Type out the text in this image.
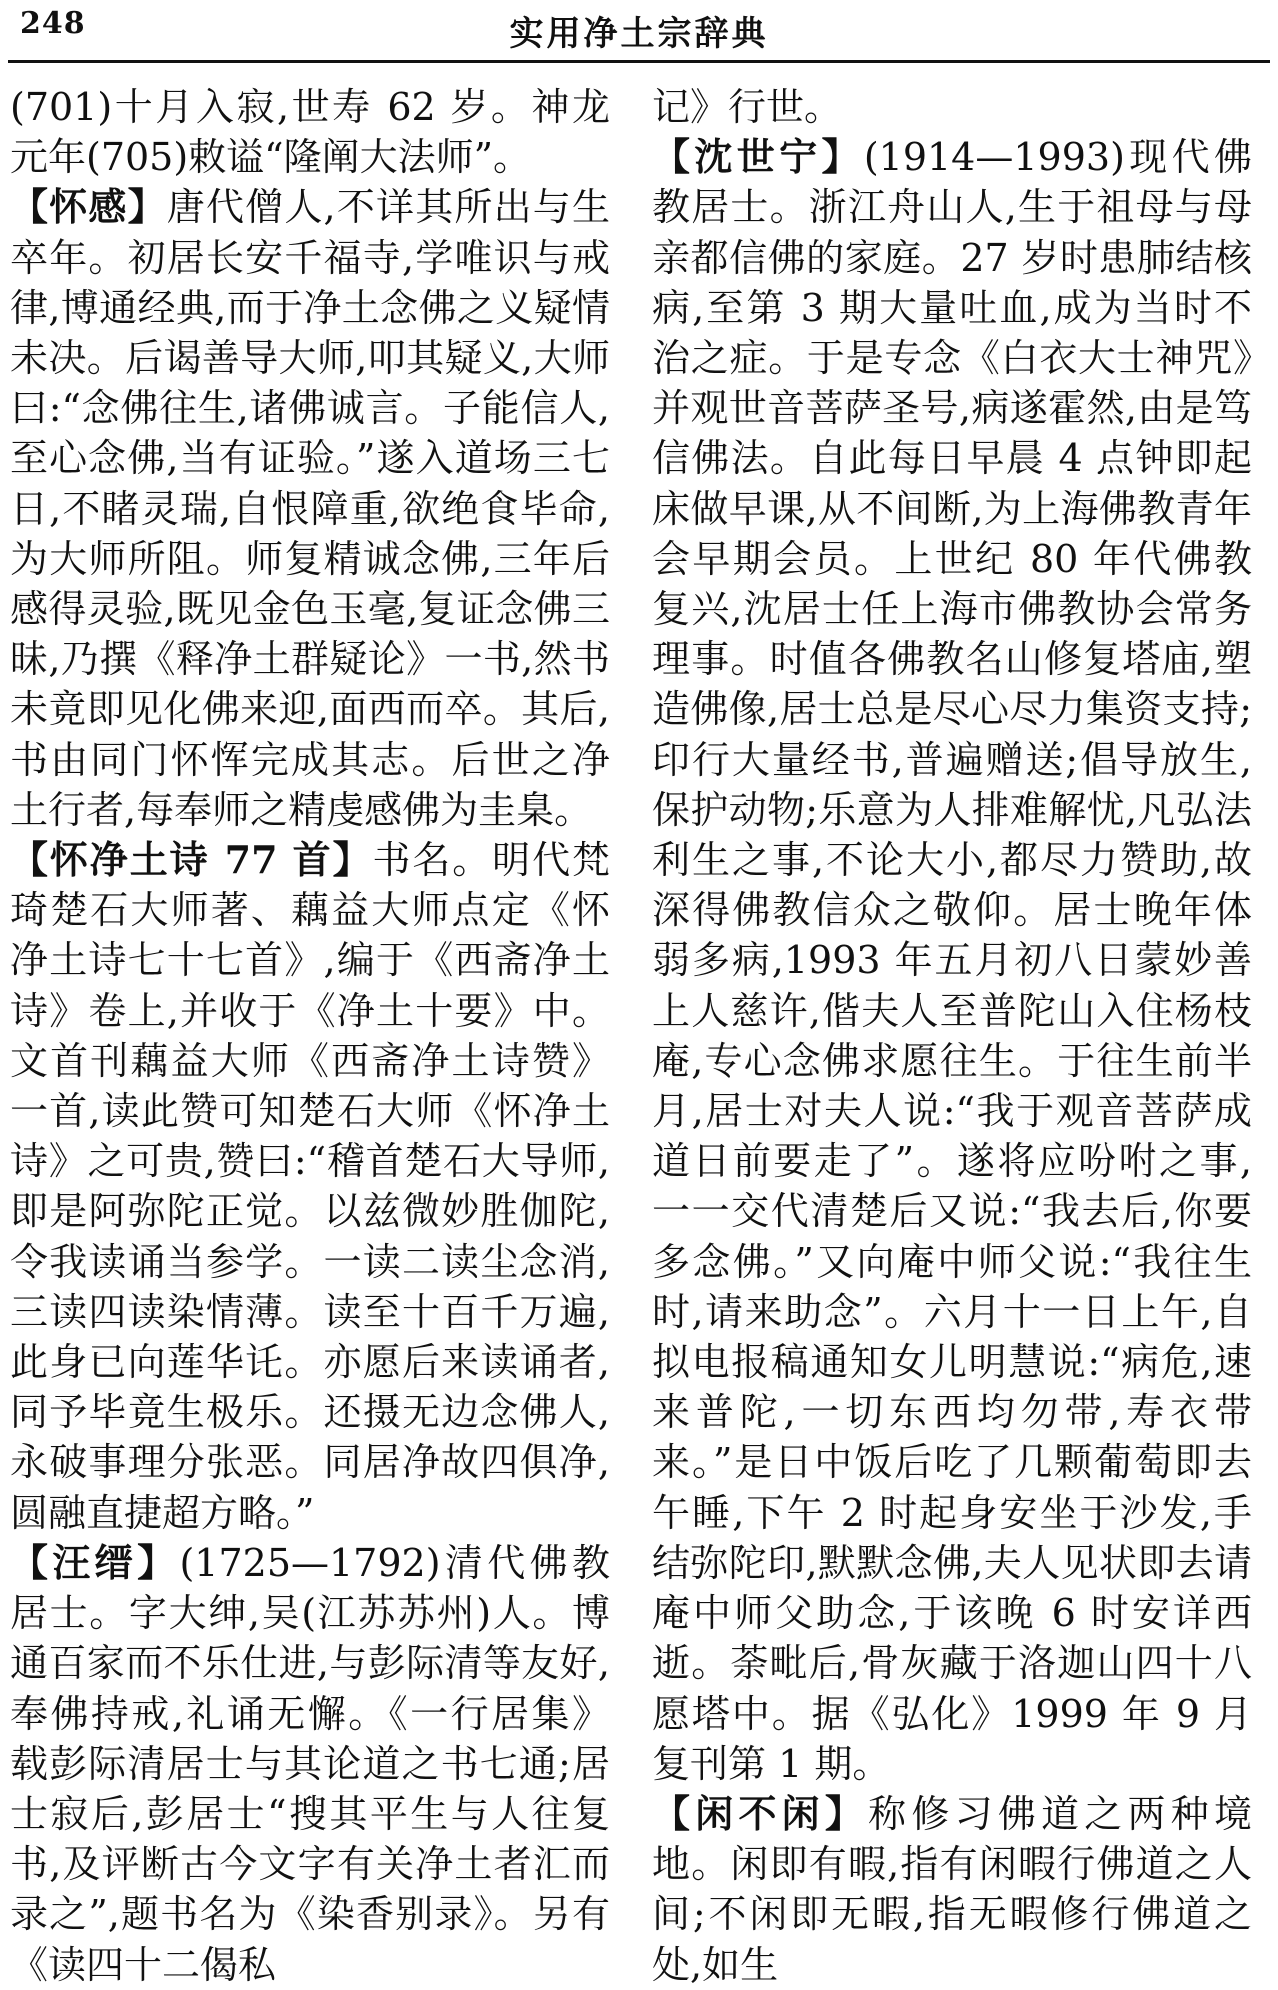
248	实用净土宗辞典

(701)十月入寂,世寿 62 岁。神龙元年(705)敕谥“隆阐大法师”。

【怀感】唐代僧人,不详其所出与生卒年。初居长安千福寺,学唯识与戒律,博通经典,而于净土念佛之义疑情未决。后谒善导大师,叩其疑义,大师曰:“念佛往生,诸佛诚言。子能信人,至心念佛,当有证验。”遂入道场三七日,不睹灵瑞,自恨障重,欲绝食毕命,为大师所阻。师复精诚念佛,三年后感得灵验,既见金色玉毫,复证念佛三昧,乃撰《释净土群疑论》一书,然书未竟即见化佛来迎,面西而卒。其后,书由同门怀恽完成其志。后世之净土行者,每奉师之精虔感佛为圭臬。

【怀净土诗 77 首】书名。明代梵琦楚石大师著、藕益大师点定《怀净土诗七十七首》,编于《西斋净土诗》卷上,并收于《净土十要》中。文首刊藕益大师《西斋净土诗赞》一首,读此赞可知楚石大师《怀净土诗》之可贵,赞曰:“稽首楚石大导师,即是阿弥陀正觉。以兹微妙胜伽陀,令我读诵当参学。一读二读尘念消,三读四读染情薄。读至十百千万遍,此身已向莲华讬。亦愿后来读诵者,同予毕竟生极乐。还摄无边念佛人,永破事理分张恶。同居净故四俱净,圆融直捷超方略。”

【汪缙】(1725—1792)清代佛教居士。字大绅,吴(江苏苏州)人。博通百家而不乐仕进,与彭际清等友好,奉佛持戒,礼诵无懈。《一行居集》载彭际清居士与其论道之书七通;居士寂后,彭居士“搜其平生与人往复书,及评断古今文字有关净土者汇而录之”,题书名为《染香别录》。另有《读四十二偈私

记》行世。

【沈世宁】(1914—1993)现代佛教居士。浙江舟山人,生于祖母与母亲都信佛的家庭。27 岁时患肺结核病,至第 3 期大量吐血,成为当时不治之症。于是专念《白衣大士神咒》并观世音菩萨圣号,病遂霍然,由是笃信佛法。自此每日早晨 4 点钟即起床做早课,从不间断,为上海佛教青年会早期会员。上世纪 80 年代佛教复兴,沈居士任上海市佛教协会常务理事。时值各佛教名山修复塔庙,塑造佛像,居士总是尽心尽力集资支持;印行大量经书,普遍赠送;倡导放生,保护动物;乐意为人排难解忧,凡弘法利生之事,不论大小,都尽力赞助,故深得佛教信众之敬仰。居士晚年体弱多病,1993 年五月初八日蒙妙善上人慈许,偕夫人至普陀山入住杨枝庵,专心念佛求愿往生。于往生前半月,居士对夫人说:“我于观音菩萨成道日前要走了”。遂将应吩咐之事,一一交代清楚后又说:“我去后,你要多念佛。”又向庵中师父说:“我往生时,请来助念”。六月十一日上午,自拟电报稿通知女儿明慧说:“病危,速来普陀,一切东西均勿带,寿衣带来。”是日中饭后吃了几颗葡萄即去午睡,下午 2 时起身安坐于沙发,手结弥陀印,默默念佛,夫人见状即去请庵中师父助念,于该晚 6 时安详西逝。荼毗后,骨灰藏于洛迦山四十八愿塔中。据《弘化》1999 年 9 月复刊第 1 期。

【闲不闲】称修习佛道之两种境地。闲即有暇,指有闲暇行佛道之人间;不闲即无暇,指无暇修行佛道之处,如生
